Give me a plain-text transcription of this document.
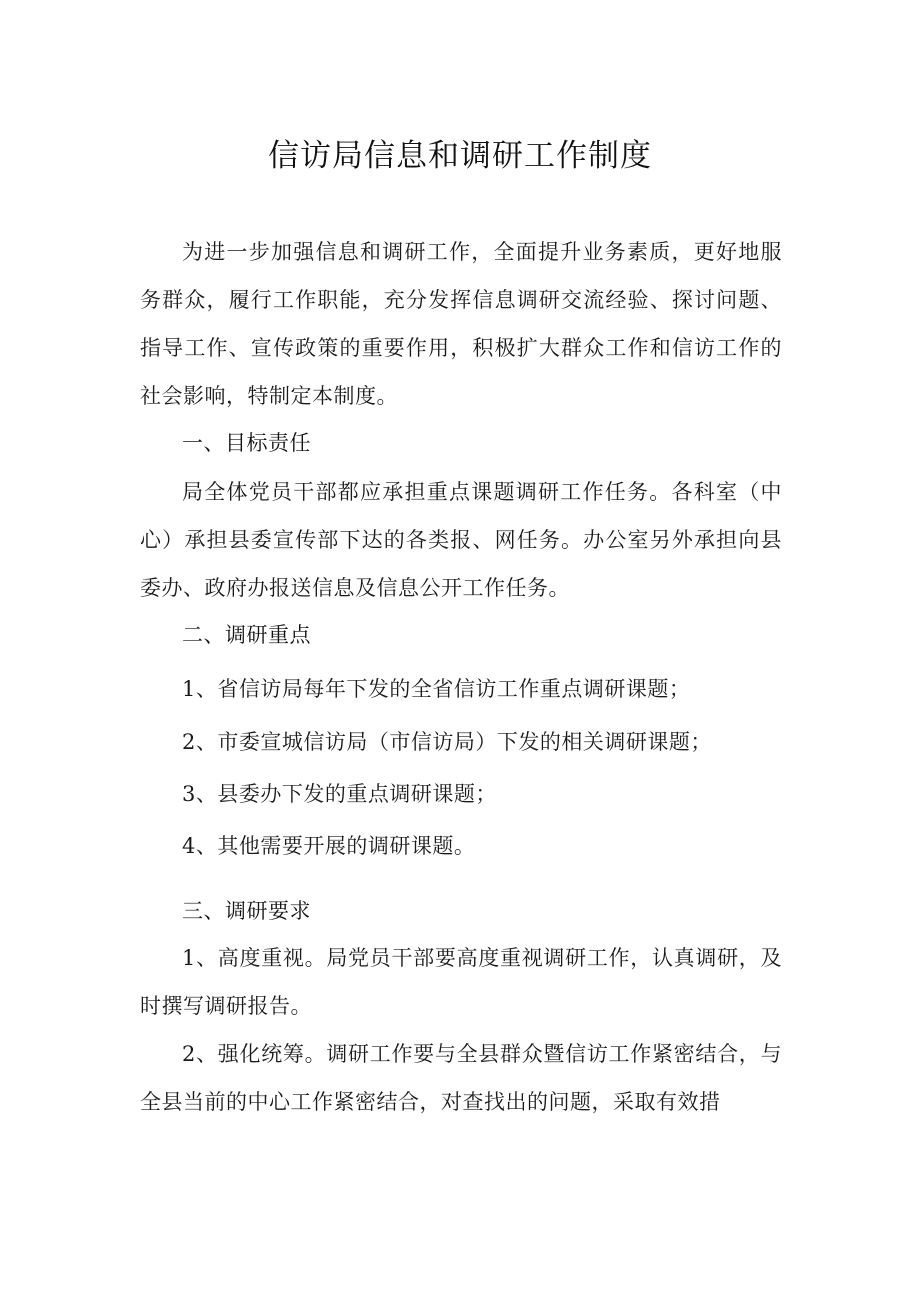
信访局信息和调研工作制度
为进一步加强信息和调研工作，全面提升业务素质，更好地服务群众，履行工作职能，充分发挥信息调研交流经验、探讨问题、指导工作、宣传政策的重要作用，积极扩大群众工作和信访工作的社会影响，特制定本制度。
一、目标责任
局全体党员干部都应承担重点课题调研工作任务。各科室（中心）承担县委宣传部下达的各类报、网任务。办公室另外承担向县委办、政府办报送信息及信息公开工作任务。
二、调研重点
1、省信访局每年下发的全省信访工作重点调研课题；
2、市委宣城信访局（市信访局）下发的相关调研课题；
3、县委办下发的重点调研课题；
4、其他需要开展的调研课题。
三、调研要求
1、高度重视。局党员干部要高度重视调研工作，认真调研，及时撰写调研报告。
2、强化统筹。调研工作要与全县群众暨信访工作紧密结合，与全县当前的中心工作紧密结合，对查找出的问题，采取有效措
